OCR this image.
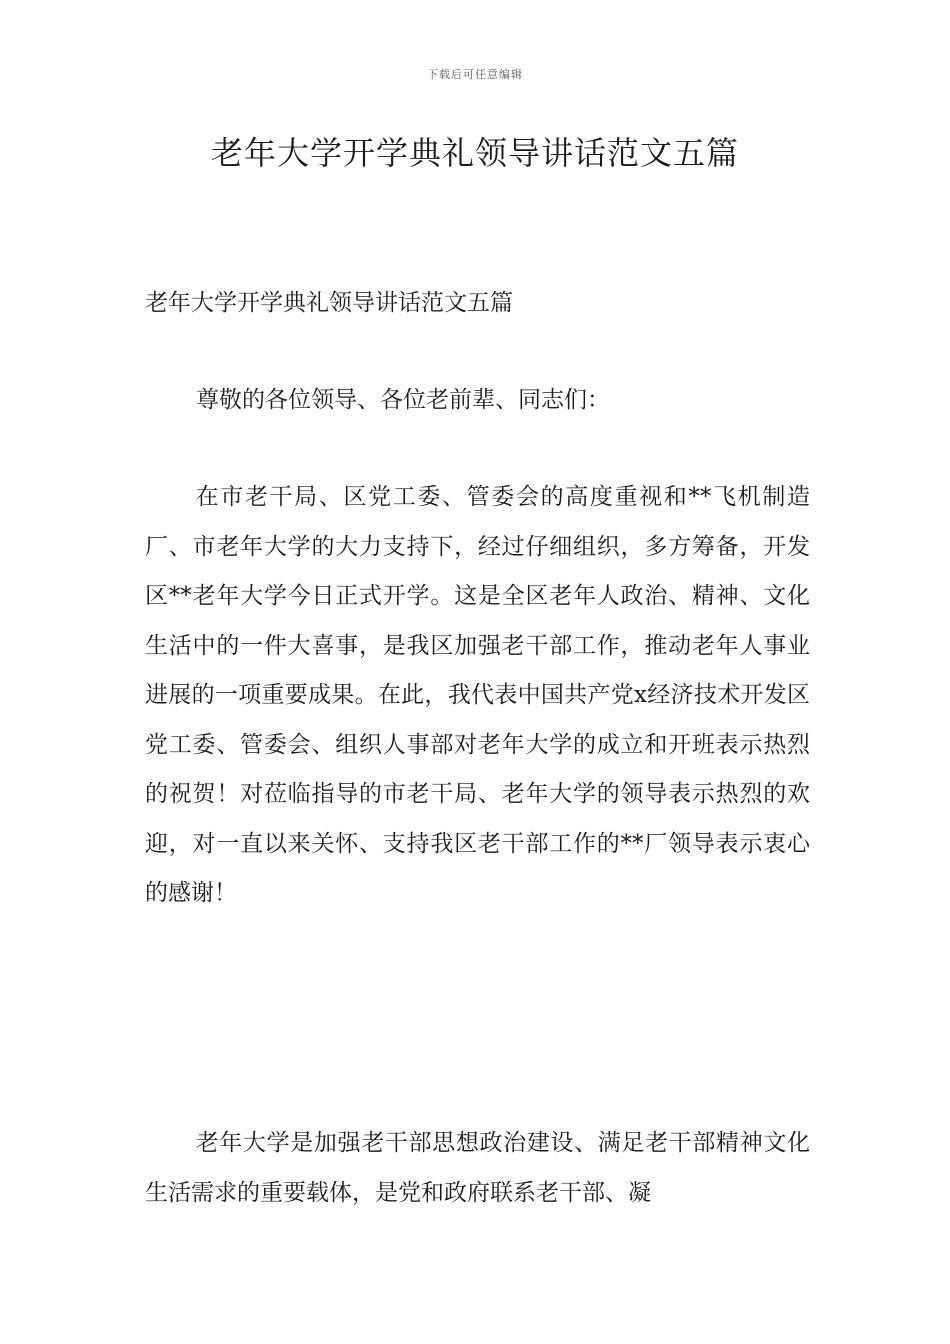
下载后可任意编辑
老年大学开学典礼领导讲话范文五篇

老年大学开学典礼领导讲话范文五篇

尊敬的各位领导、各位老前辈、同志们：

在市老干局、区党工委、管委会的高度重视和**飞机制造厂、市老年大学的大力支持下，经过仔细组织，多方筹备，开发区**老年大学今日正式开学。这是全区老年人政治、精神、文化生活中的一件大喜事，是我区加强老干部工作，推动老年人事业进展的一项重要成果。在此，我代表中国共产党x经济技术开发区党工委、管委会、组织人事部对老年大学的成立和开班表示热烈的祝贺！对莅临指导的市老干局、老年大学的领导表示热烈的欢迎，对一直以来关怀、支持我区老干部工作的**厂领导表示衷心的感谢！

老年大学是加强老干部思想政治建设、满足老干部精神文化生活需求的重要载体，是党和政府联系老干部、凝
